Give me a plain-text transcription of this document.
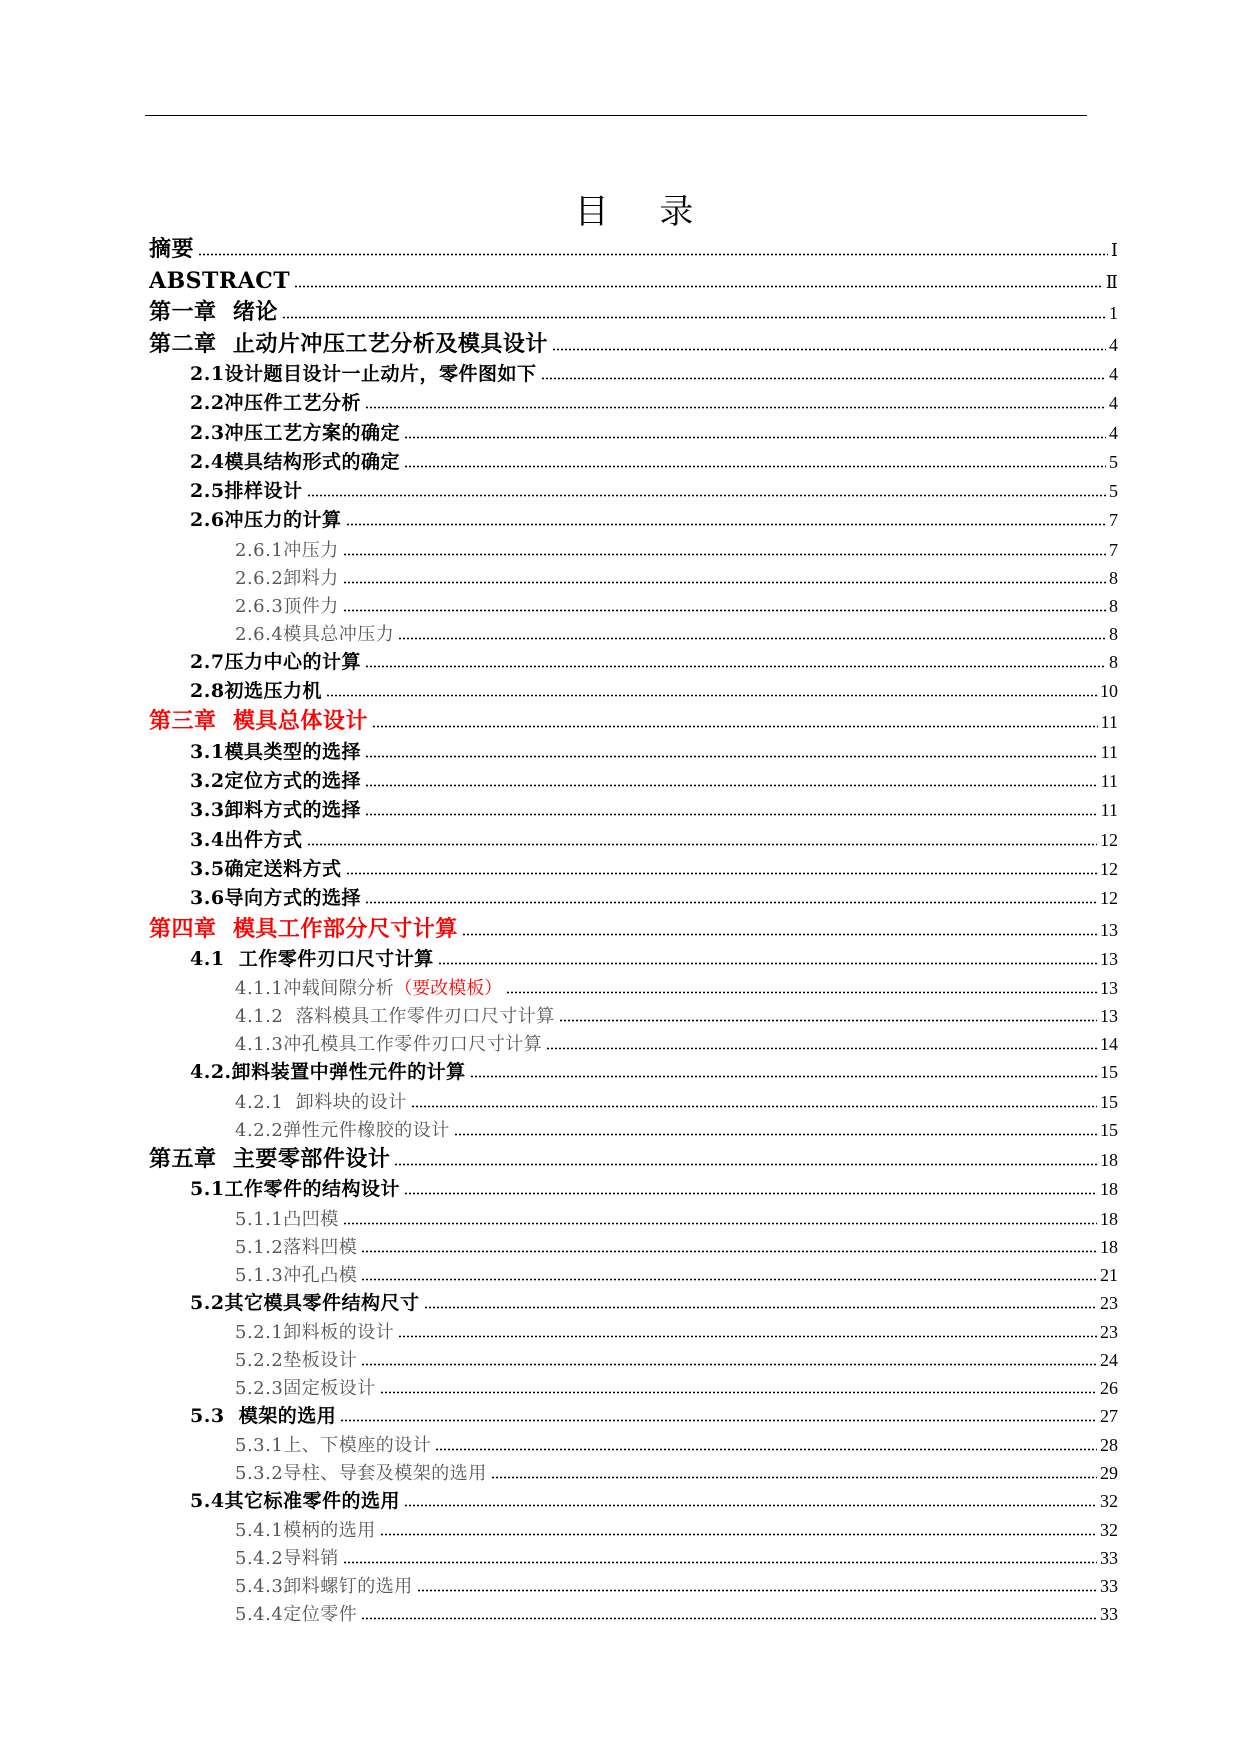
目 录
摘要	Ⅰ
ABSTRACT	Ⅱ
第一章  绪论	1
第二章  止动片冲压工艺分析及模具设计	4
2.1设计题目设计一止动片，零件图如下	4
2.2冲压件工艺分析	4
2.3冲压工艺方案的确定	4
2.4模具结构形式的确定	5
2.5排样设计	5
2.6冲压力的计算	7
2.6.1冲压力	7
2.6.2卸料力	8
2.6.3顶件力	8
2.6.4模具总冲压力	8
2.7压力中心的计算	8
2.8初选压力机	10
第三章  模具总体设计	11
3.1模具类型的选择	11
3.2定位方式的选择	11
3.3卸料方式的选择	11
3.4出件方式	12
3.5确定送料方式	12
3.6导向方式的选择	12
第四章  模具工作部分尺寸计算	13
4.1  工作零件刃口尺寸计算	13
4.1.1冲载间隙分析 （要改模板）	13
4.1.2  落料模具工作零件刃口尺寸计算	13
4.1.3冲孔模具工作零件刃口尺寸计算	14
4.2.卸料装置中弹性元件的计算	15
4.2.1  卸料块的设计	15
4.2.2弹性元件橡胶的设计	15
第五章  主要零部件设计	18
5.1工作零件的结构设计	18
5.1.1凸凹模	18
5.1.2落料凹模	18
5.1.3冲孔凸模	21
5.2其它模具零件结构尺寸	23
5.2.1卸料板的设计	23
5.2.2垫板设计	24
5.2.3固定板设计	26
5.3  模架的选用	27
5.3.1上、下模座的设计	28
5.3.2导柱、导套及模架的选用	29
5.4其它标准零件的选用	32
5.4.1模柄的选用	32
5.4.2导料销	33
5.4.3卸料螺钉的选用	33
5.4.4定位零件	33
